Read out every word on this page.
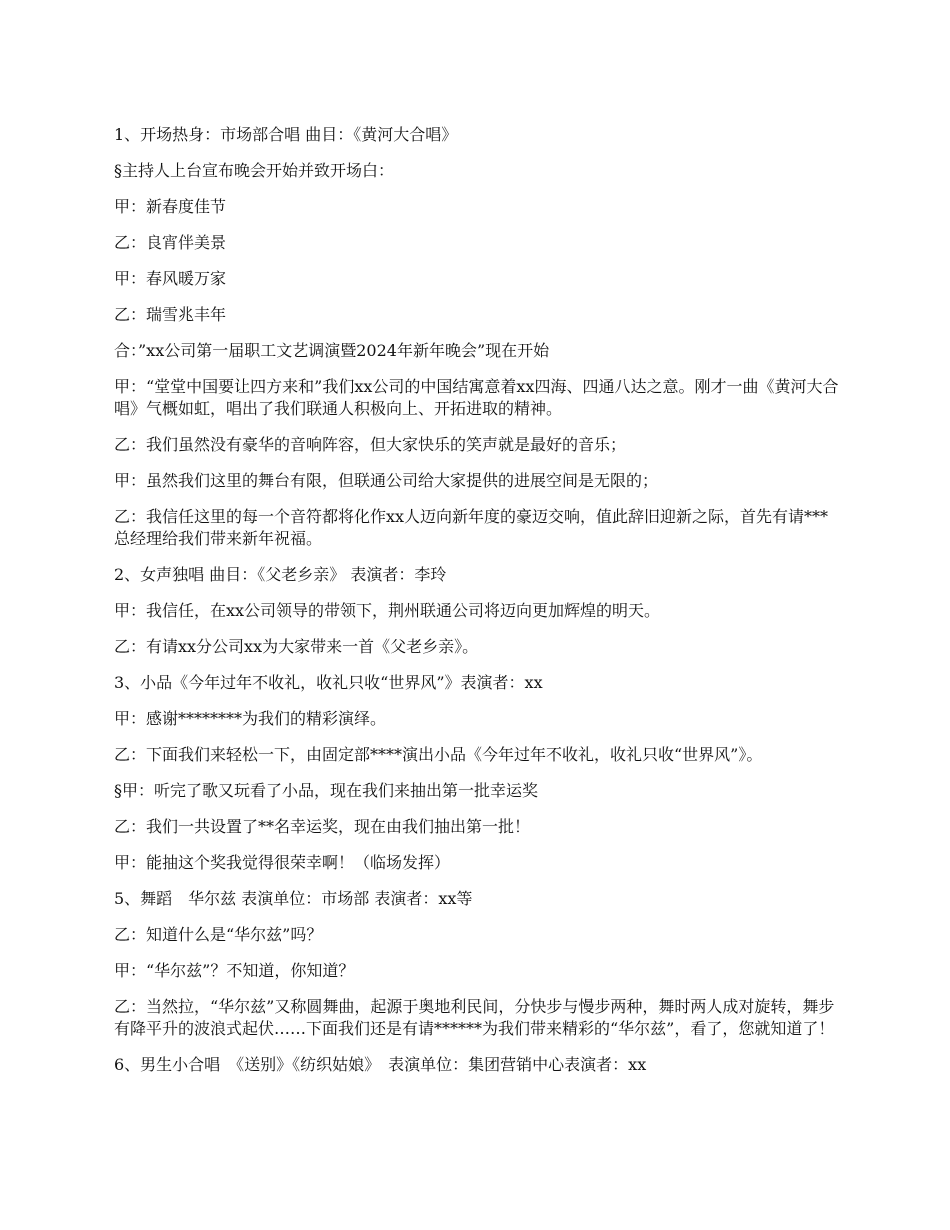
1、开场热身：市场部合唱 曲目：《黄河大合唱》

§主持人上台宣布晚会开始并致开场白：

甲：新春度佳节

乙：良宵伴美景

甲：春风暖万家

乙：瑞雪兆丰年

合：”xx公司第一届职工文艺调演暨2024年新年晚会”现在开始

甲：“堂堂中国要让四方来和”我们xx公司的中国结寓意着xx四海、四通八达之意。刚才一曲《黄河大合唱》气概如虹，唱出了我们联通人积极向上、开拓进取的精神。

乙：我们虽然没有豪华的音响阵容，但大家快乐的笑声就是最好的音乐；

甲：虽然我们这里的舞台有限，但联通公司给大家提供的进展空间是无限的；

乙：我信任这里的每一个音符都将化作xx人迈向新年度的豪迈交响，值此辞旧迎新之际，首先有请***总经理给我们带来新年祝福。

2、女声独唱 曲目：《父老乡亲》 表演者：李玲

甲：我信任，在xx公司领导的带领下，荆州联通公司将迈向更加辉煌的明天。

乙：有请xx分公司xx为大家带来一首《父老乡亲》。

3、小品《今年过年不收礼，收礼只收“世界风”》表演者：xx

甲：感谢********为我们的精彩演绎。

乙：下面我们来轻松一下，由固定部****演出小品《今年过年不收礼，收礼只收“世界风”》。

§甲：听完了歌又玩看了小品，现在我们来抽出第一批幸运奖

乙：我们一共设置了**名幸运奖，现在由我们抽出第一批！

甲：能抽这个奖我觉得很荣幸啊！（临场发挥）

5、舞蹈　华尔兹 表演单位：市场部 表演者：xx等

乙：知道什么是“华尔兹”吗？

甲：“华尔兹”？不知道，你知道？

乙：当然拉，“华尔兹”又称圆舞曲，起源于奥地利民间，分快步与慢步两种，舞时两人成对旋转，舞步有降平升的波浪式起伏……下面我们还是有请******为我们带来精彩的“华尔兹”，看了，您就知道了！

6、男生小合唱　《送别》《纺织姑娘》　表演单位：集团营销中心表演者：xx
